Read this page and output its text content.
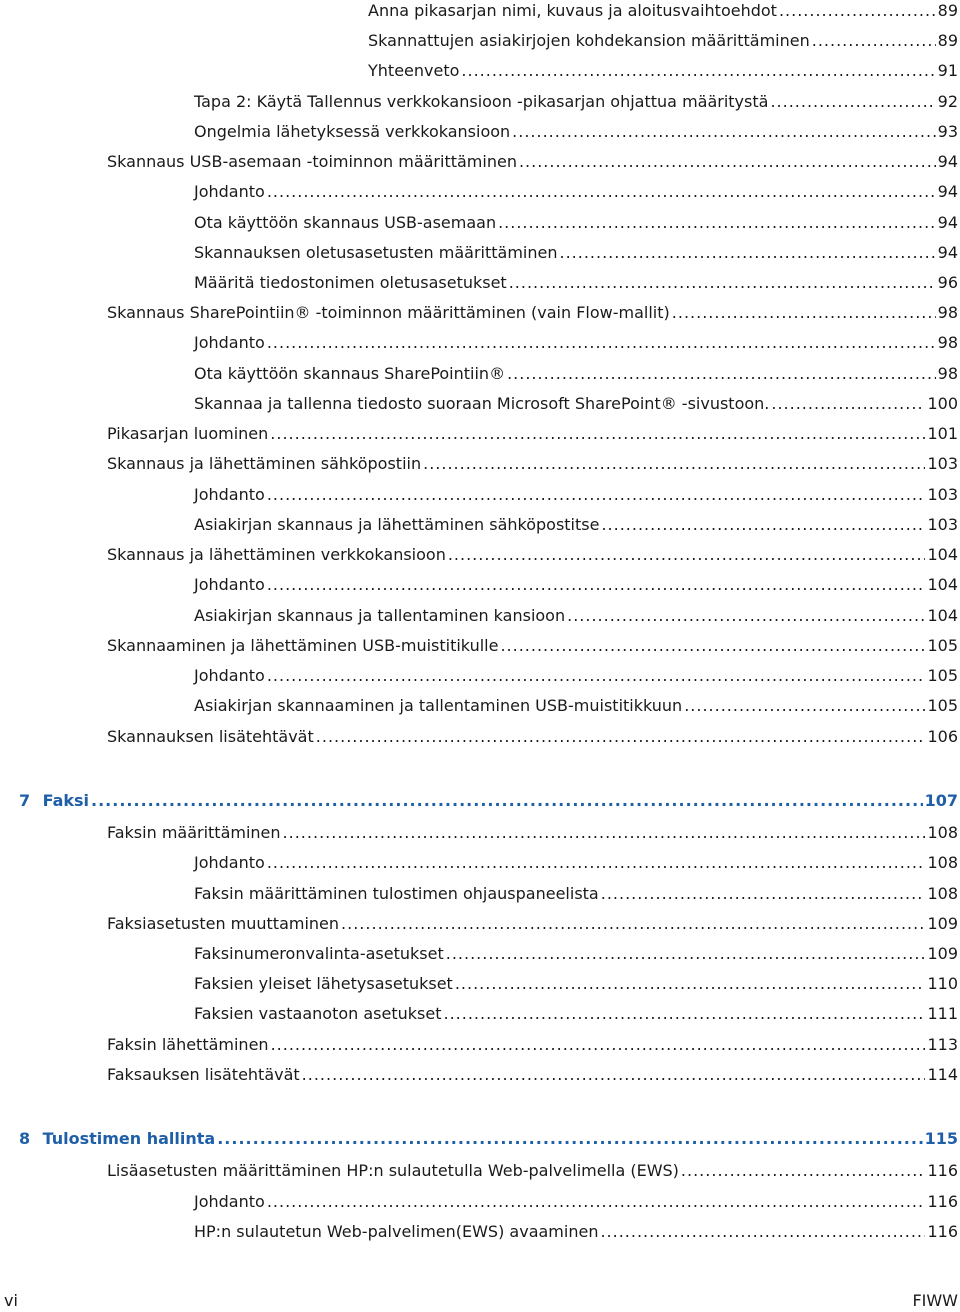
Anna pikasarjan nimi, kuvaus ja aloitusvaihtoehdot .....	89
Skannattujen asiakirjojen kohdekansion määrittäminen .....	89
Yhteenveto .....	91
Tapa 2: Käytä Tallennus verkkokansioon -pikasarjan ohjattua määritystä .....	92
Ongelmia lähetyksessä verkkokansioon .....	93
Skannaus USB-asemaan -toiminnon määrittäminen .....	94
Johdanto .....	94
Ota käyttöön skannaus USB-asemaan .....	94
Skannauksen oletusasetusten määrittäminen .....	94
Määritä tiedostonimen oletusasetukset .....	96
Skannaus SharePointiin® -toiminnon määrittäminen (vain Flow-mallit) .....	98
Johdanto .....	98
Ota käyttöön skannaus SharePointiin® .....	98
Skannaa ja tallenna tiedosto suoraan Microsoft SharePoint® -sivustoon. .....	100
Pikasarjan luominen .....	101
Skannaus ja lähettäminen sähköpostiin .....	103
Johdanto .....	103
Asiakirjan skannaus ja lähettäminen sähköpostitse .....	103
Skannaus ja lähettäminen verkkokansioon .....	104
Johdanto .....	104
Asiakirjan skannaus ja tallentaminen kansioon .....	104
Skannaaminen ja lähettäminen USB-muistitikulle .....	105
Johdanto .....	105
Asiakirjan skannaaminen ja tallentaminen USB-muistitikkuun .....	105
Skannauksen lisätehtävät .....	106
7 Faksi .....	107
Faksin määrittäminen .....	108
Johdanto .....	108
Faksin määrittäminen tulostimen ohjauspaneelista .....	108
Faksiasetusten muuttaminen .....	109
Faksinumeronvalinta-asetukset .....	109
Faksien yleiset lähetysasetukset .....	110
Faksien vastaanoton asetukset .....	111
Faksin lähettäminen .....	113
Faksauksen lisätehtävät .....	114
8 Tulostimen hallinta .....	115
Lisäasetusten määrittäminen HP:n sulautetulla Web-palvelimella (EWS) .....	116
Johdanto .....	116
HP:n sulautetun Web-palvelimen(EWS) avaaminen .....	116
vi	FIWW
